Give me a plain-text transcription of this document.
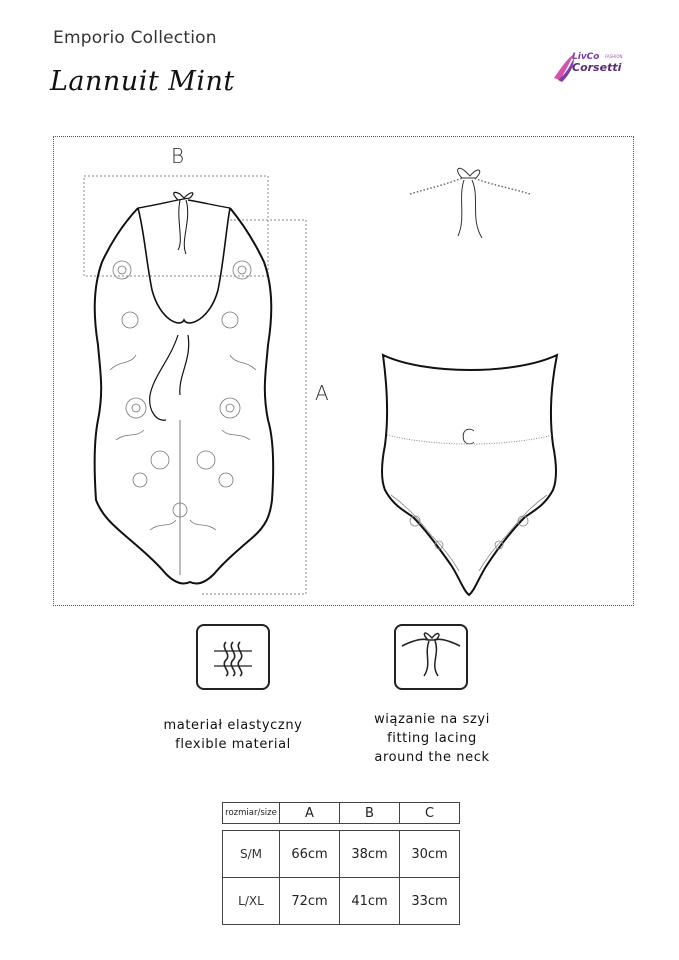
Emporio Collection
Lannuit Mint
LivCo
Corsetti
FASHION
B
A
C
materiał elastyczny
flexible material
wiązanie na szyi
fitting lacing
around the neck
rozmiar/size	A	B	C

S/M	66cm	38cm	30cm
L/XL	72cm	41cm	33cm
